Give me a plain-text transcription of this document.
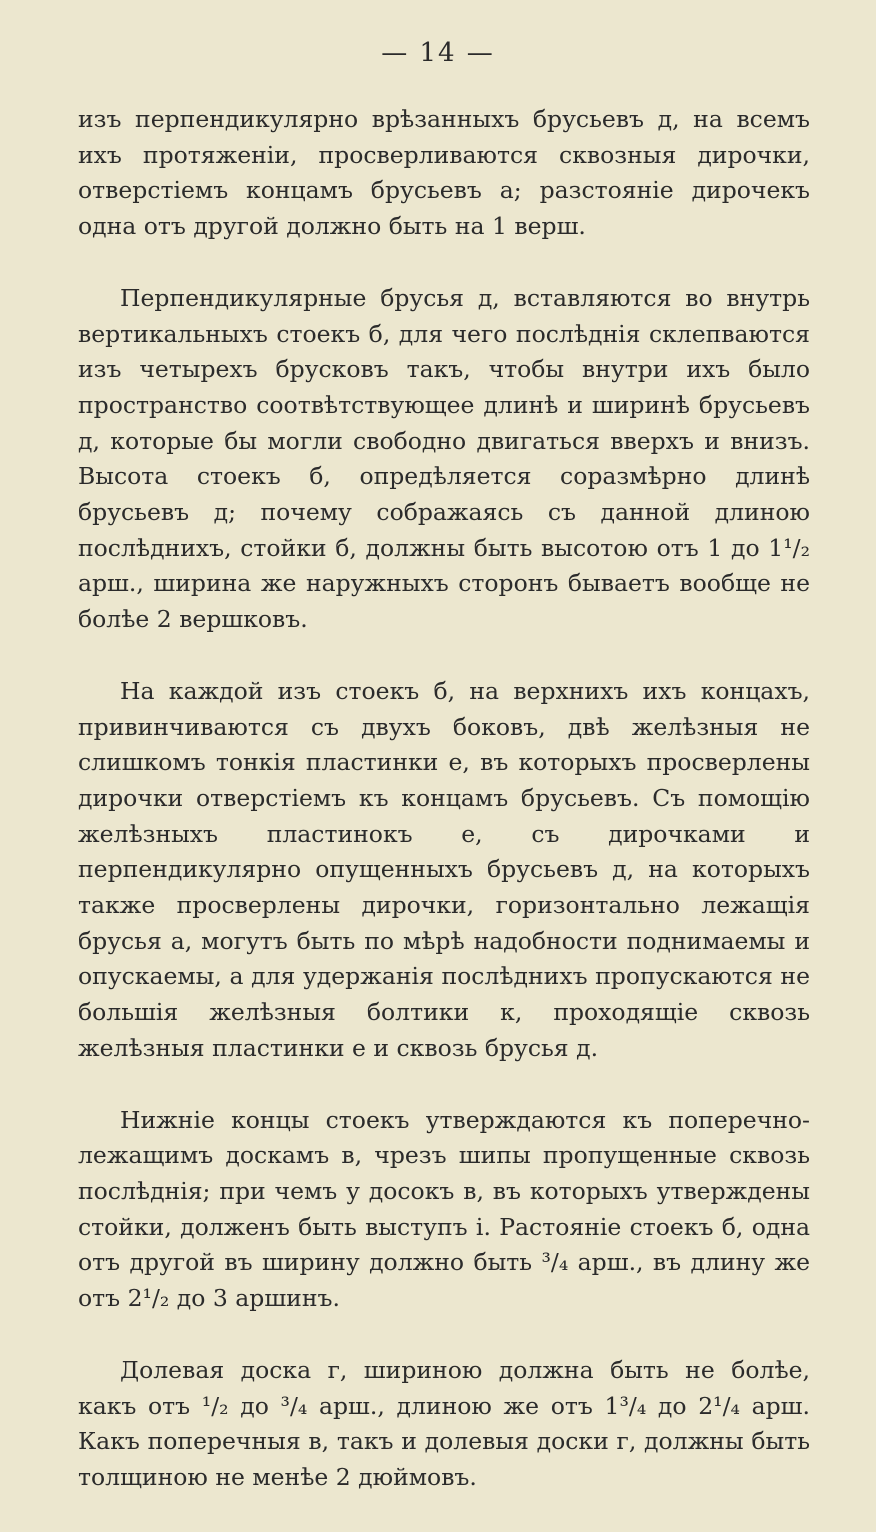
— 14 —

изъ перпендикулярно врѣзанныхъ брусьевъ д, на всемъ ихъ протяженіи, просверливаются сквозныя дирочки, отверстіемъ концамъ брусьевъ а; разстояніе дирочекъ одна отъ другой должно быть на 1 верш.

Перпендикулярные брусья д, вставляются во внутрь вертикальныхъ стоекъ б, для чего послѣднія склепваются изъ четырехъ брусковъ такъ, чтобы внутри ихъ было пространство соотвѣтствующее длинѣ и ширинѣ брусьевъ д, которые бы могли свободно двигаться вверхъ и внизъ. Высота стоекъ б, опредѣляется соразмѣрно длинѣ брусьевъ д; почему сображаясь съ данной длиною послѣднихъ, стойки б, должны быть высотою отъ 1 до 1¹/₂ арш., ширина же наружныхъ сторонъ бываетъ вообще не болѣе 2 вершковъ.

На каждой изъ стоекъ б, на верхнихъ ихъ концахъ, привинчиваются съ двухъ боковъ, двѣ желѣзныя не слишкомъ тонкія пластинки е, въ которыхъ просверлены дирочки отверстіемъ къ концамъ брусьевъ. Съ помощію желѣзныхъ пластинокъ е, съ дирочками и перпендикулярно опущенныхъ брусьевъ д, на которыхъ также просверлены дирочки, горизонтально лежащія брусья а, могутъ быть по мѣрѣ надобности поднимаемы и опускаемы, а для удержанія послѣднихъ пропускаются не большія желѣзныя болтики к, проходящіе сквозь желѣзныя пластинки е и сквозь брусья д.

Нижніе концы стоекъ утверждаются къ поперечно-лежащимъ доскамъ в, чрезъ шипы пропущенные сквозь послѣднія; при чемъ у досокъ в, въ которыхъ утверждены стойки, долженъ быть выступъ і. Растояніе стоекъ б, одна отъ другой въ ширину должно быть ³/₄ арш., въ длину же отъ 2¹/₂ до 3 аршинъ.

Долевая доска г, шириною должна быть не болѣе, какъ отъ ¹/₂ до ³/₄ арш., длиною же отъ 1³/₄ до 2¹/₄ арш. Какъ поперечныя в, такъ и долевыя доски г, должны быть толщиною не менѣе 2 дюймовъ.
